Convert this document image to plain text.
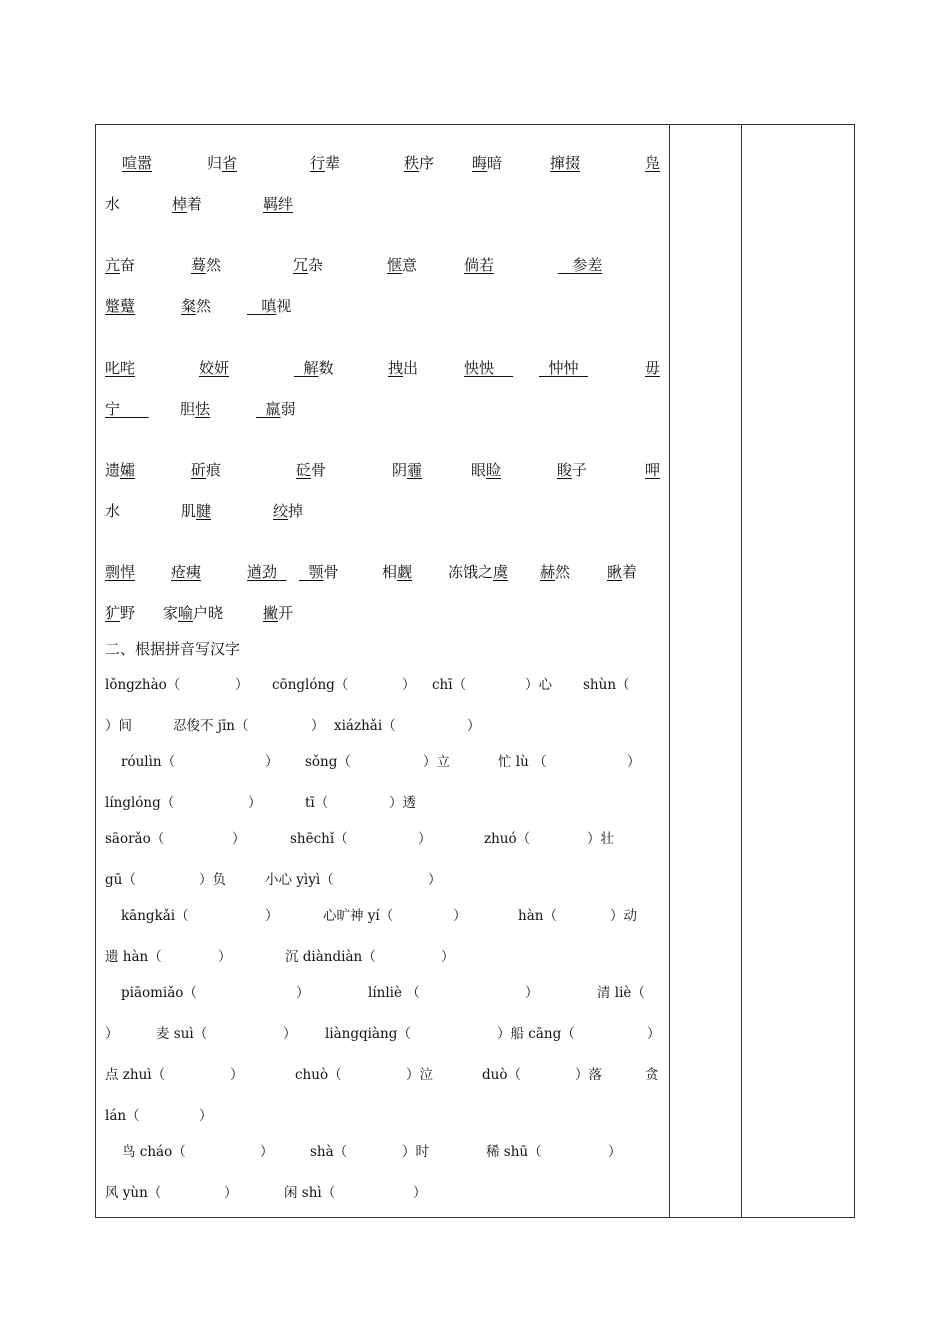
喧嚣	归省	行辈	秩序	晦暗	撺掇	凫
水	棹着	羁绊
亢奋	蓦然	冗杂	惬意	倘若	参差
蹩躠	粲然	嗔视
叱咤	姣妍	解数	拽出	怏怏	忡忡	毋
宁	胆怯	羸弱
遗孀	斫痕	砭骨	阴霾	眼睑	睃子	呷
水	肌腱	绞掉
剽悍 疮痍	遒劲	颚骨	相觑 冻饿之虞 赫然 瞅着
犷野 家喻户晓	撇开
二、根据拼音写汉字
lǒngzhào（	） cōnglóng（	） chī（	）心 shùn（
）间	忍俊不 jīn（	） xiázhǎi（	）
róulìn（	） sǒng（	）立	忙 lù （	）
línglóng（	）	tī（	）透
sāorǎo（	）	shēchǐ（	）	zhuó（	）壮
gū（	）负	小心 yìyì（	）
kāngkǎi（	）	心旷神 yí（	）	hàn（	）动
遗 hàn（	）	沉 diàndiàn（	）
piāomiǎo（	）	línliè （	）	清 liè（
）	麦 suì（	） liàngqiàng（	）船 cāng（	）
点 zhuì（	）	chuò（	）泣	duò（	）落	贪
lán（	）
鸟 cháo（	）	shà（	）时	稀 shū（	）
风 yùn（	）	闲 shì（	）
